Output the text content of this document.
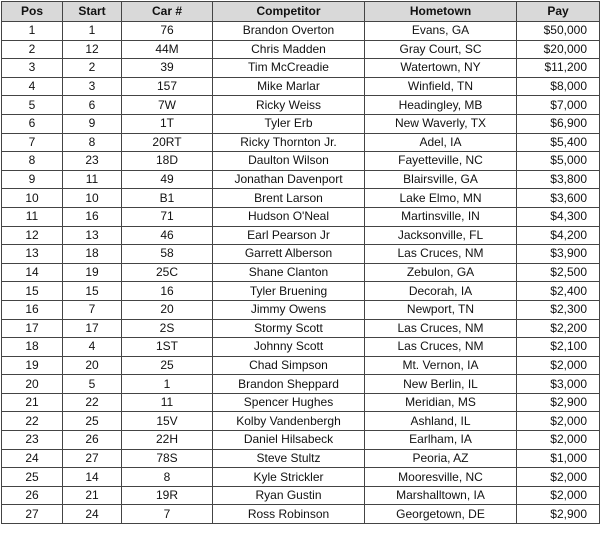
Pos	Start	Car #	Competitor	Hometown	Pay
1	1	76	Brandon Overton	Evans, GA	$50,000
2	12	44M	Chris Madden	Gray Court, SC	$20,000
3	2	39	Tim McCreadie	Watertown, NY	$11,200
4	3	157	Mike Marlar	Winfield, TN	$8,000
5	6	7W	Ricky Weiss	Headingley, MB	$7,000
6	9	1T	Tyler Erb	New Waverly, TX	$6,900
7	8	20RT	Ricky Thornton Jr.	Adel, IA	$5,400
8	23	18D	Daulton Wilson	Fayetteville, NC	$5,000
9	11	49	Jonathan Davenport	Blairsville, GA	$3,800
10	10	B1	Brent Larson	Lake Elmo, MN	$3,600
11	16	71	Hudson O'Neal	Martinsville, IN	$4,300
12	13	46	Earl Pearson Jr	Jacksonville, FL	$4,200
13	18	58	Garrett Alberson	Las Cruces, NM	$3,900
14	19	25C	Shane Clanton	Zebulon, GA	$2,500
15	15	16	Tyler Bruening	Decorah, IA	$2,400
16	7	20	Jimmy Owens	Newport, TN	$2,300
17	17	2S	Stormy Scott	Las Cruces, NM	$2,200
18	4	1ST	Johnny Scott	Las Cruces, NM	$2,100
19	20	25	Chad Simpson	Mt. Vernon, IA	$2,000
20	5	1	Brandon Sheppard	New Berlin, IL	$3,000
21	22	11	Spencer Hughes	Meridian, MS	$2,900
22	25	15V	Kolby Vandenbergh	Ashland, IL	$2,000
23	26	22H	Daniel Hilsabeck	Earlham, IA	$2,000
24	27	78S	Steve Stultz	Peoria, AZ	$1,000
25	14	8	Kyle Strickler	Mooresville, NC	$2,000
26	21	19R	Ryan Gustin	Marshalltown, IA	$2,000
27	24	7	Ross Robinson	Georgetown, DE	$2,900
